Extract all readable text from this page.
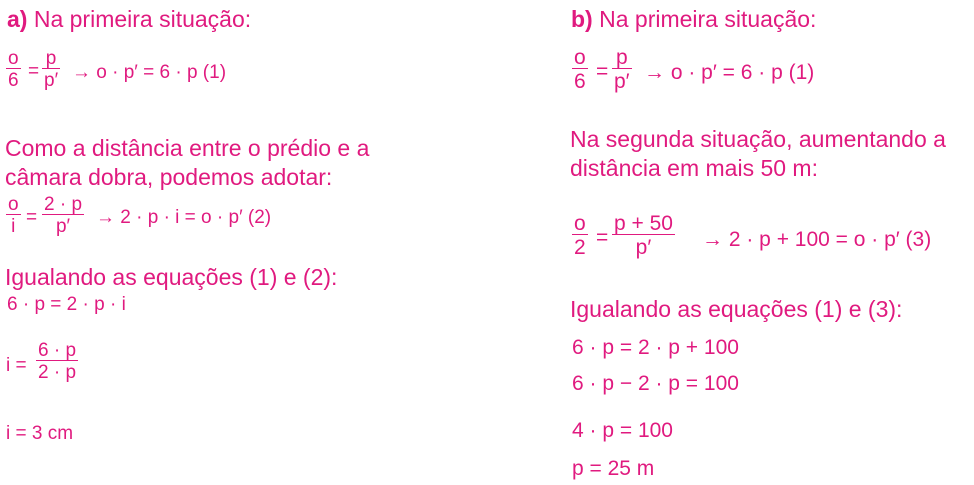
a) Na primeira situação:
o
6 =
p
p′ → o · p′ = 6 · p (1)
Como a distância entre o prédio e a
câmara dobra, podemos adotar:
o
i =
2 · p
p′ → 2 · p · i = o · p′ (2)
Igualando as equações (1) e (2):
6 · p = 2 · p · i
i =
6 · p
2 · p
i = 3 cm
b) Na primeira situação:
o
6 =
p
p′ → o · p′ = 6 · p (1)
Na segunda situação, aumentando a
distância em mais 50 m:
o
2 =
p + 50
p′ → 2 · p + 100 = o · p′ (3)
Igualando as equações (1) e (3):
6 · p = 2 · p + 100
6 · p − 2 · p = 100
4 · p = 100
p = 25 m
